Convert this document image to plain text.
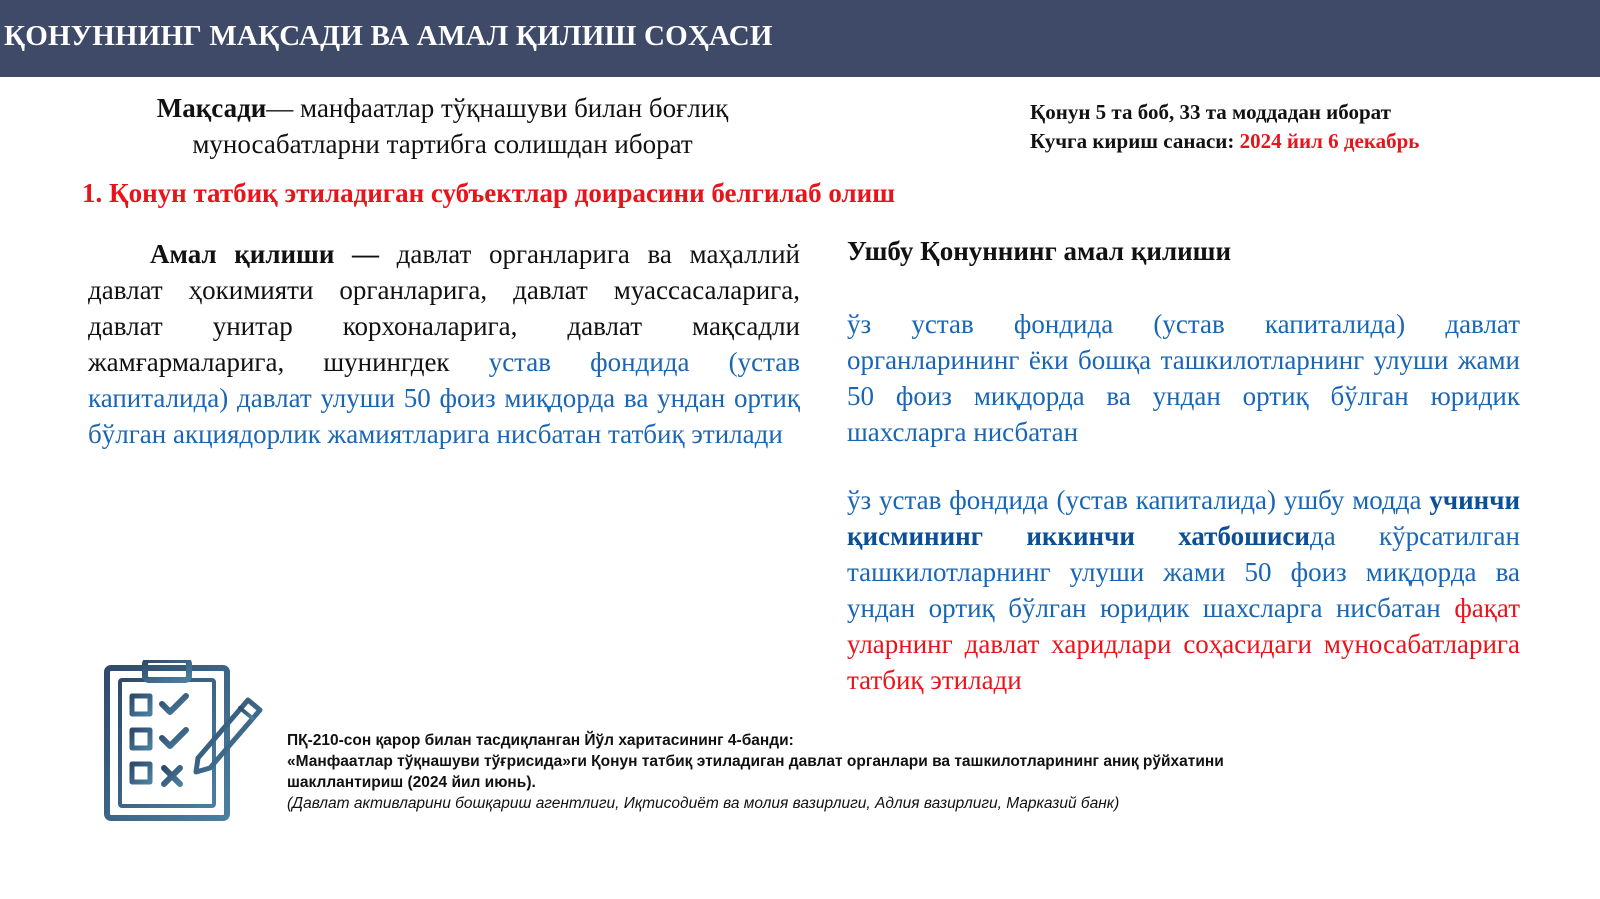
ҚОНУННИНГ МАҚСАДИ ВА АМАЛ ҚИЛИШ СОҲАСИ
Мақсади— манфаатлар тўқнашуви билан боғлиқ муносабатларни тартибга солишдан иборат
Қонун 5 та боб, 33 та моддадан иборат
Кучга кириш санаси: 2024 йил 6 декабрь
1. Қонун татбиқ этиладиган субъектлар доирасини белгилаб олиш
Амал қилиши — давлат органларига ва маҳаллий давлат ҳокимияти органларига, давлат муассасаларига, давлат унитар корхоналарига, давлат мақсадли жамғармаларига, шунингдек устав фондида (устав капиталида) давлат улуши 50 фоиз миқдорда ва ундан ортиқ бўлган акциядорлик жамиятларига нисбатан татбиқ этилади
Ушбу Қонуннинг амал қилиши
ўз устав фондида (устав капиталида) давлат органларининг ёки бошқа ташкилотларнинг улуши жами 50 фоиз миқдорда ва ундан ортиқ бўлган юридик шахсларга нисбатан
ўз устав фондида (устав капиталида) ушбу модда учинчи қисмининг иккинчи хатбошисида кўрсатилган ташкилотларнинг улуши жами 50 фоиз миқдорда ва ундан ортиқ бўлган юридик шахсларга нисбатан фақат уларнинг давлат харидлари соҳасидаги муносабатларига татбиқ этилади
ПҚ-210-сон қарор билан тасдиқланган Йўл харитасининг 4-банди:
«Манфаатлар тўқнашуви тўғрисида»ги Қонун татбиқ этиладиган давлат органлари ва ташкилотларининг аниқ рўйхатини шакллантириш (2024 йил июнь).
(Давлат активларини бошқариш агентлиги, Иқтисодиёт ва молия вазирлиги, Адлия вазирлиги, Марказий банк)
